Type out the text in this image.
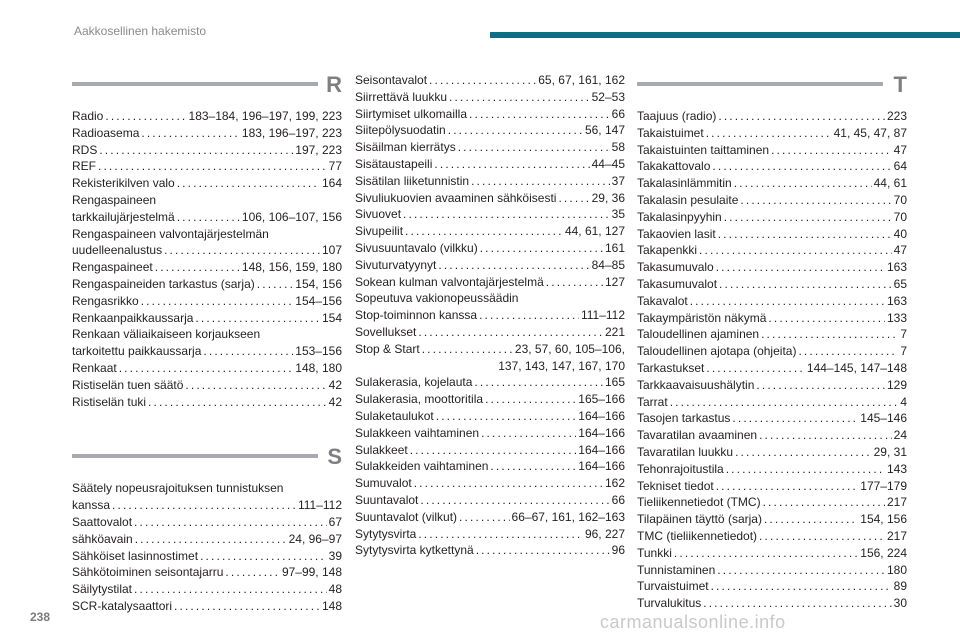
Aakkosellinen hakemisto
R
Radio . . .	183–184, 196–197, 199, 223
Radioasema . . .	183, 196–197, 223
RDS . . .	197, 223
REF . . .	77
Rekisterikilven valo . . .	164
Rengaspaineen
tarkkailujärjestelmä . . .	106, 106–107, 156
Rengaspaineen valvontajärjestelmän
uudelleenalustus . . .	107
Rengaspaineet . . .	148, 156, 159, 180
Rengaspaineiden tarkastus (sarja) . . .	154, 156
Rengasrikko . . .	154–156
Renkaanpaikkaussarja . . .	154
Renkaan väliaikaiseen korjaukseen
tarkoitettu paikkaussarja . . .	153–156
Renkaat . . .	148, 180
Ristiselän tuen säätö . . .	42
Ristiselän tuki . . .	42
S
Säätely nopeusrajoituksen tunnistuksen
kanssa . . .	111–112
Saattovalot . . .	67
sähköavain . . .	24, 96–97
Sähköiset lasinnostimet . . .	39
Sähkötoiminen seisontajarru . . .	97–99, 148
Säilytystilat . . .	48
SCR-katalysaattori . . .	148
Seisontavalot . . .	65, 67, 161, 162
Siirrettävä luukku . . .	52–53
Siirtymiset ulkomailla . . .	66
Siitepölysuodatin . . .	56, 147
Sisäilman kierrätys . . .	58
Sisätaustapeili . . .	44–45
Sisätilan liiketunnistin . . .	37
Sivuliukuovien avaaminen sähköisesti . . .	29, 36
Sivuovet . . .	35
Sivupeilit . . .	44, 61, 127
Sivusuuntavalo (vilkku) . . .	161
Sivuturvatyynyt . . .	84–85
Sokean kulman valvontajärjestelmä . . .	127
Sopeutuva vakionopeussäädin
Stop-toiminnon kanssa . . .	111–112
Sovellukset . . .	221
Stop & Start . . .	23, 57, 60, 105–106,
137, 143, 147, 167, 170
Sulakerasia, kojelauta . . .	165
Sulakerasia, moottoritila . . .	165–166
Sulaketaulukot . . .	164–166
Sulakkeen vaihtaminen . . .	164–166
Sulakkeet . . .	164–166
Sulakkeiden vaihtaminen . . .	164–166
Sumuvalot . . .	162
Suuntavalot . . .	66
Suuntavalot (vilkut) . . .	66–67, 161, 162–163
Sytytysvirta . . .	96, 227
Sytytysvirta kytkettynä . . .	96
T
Taajuus (radio) . . .	223
Takaistuimet . . .	41, 45, 47, 87
Takaistuinten taittaminen . . .	47
Takakattovalo . . .	64
Takalasinlämmitin . . .	44, 61
Takalasin pesulaite . . .	70
Takalasinpyyhin . . .	70
Takaovien lasit . . .	40
Takapenkki . . .	47
Takasumuvalo . . .	163
Takasumuvalot . . .	65
Takavalot . . .	163
Takaympäristön näkymä . . .	133
Taloudellinen ajaminen . . .	7
Taloudellinen ajotapa (ohjeita) . . .	7
Tarkastukset . . .	144–145, 147–148
Tarkkaavaisuushälytin . . .	129
Tarrat . . .	4
Tasojen tarkastus . . .	145–146
Tavaratilan avaaminen . . .	24
Tavaratilan luukku . . .	29, 31
Tehonrajoitustila . . .	143
Tekniset tiedot . . .	177–179
Tieliikennetiedot (TMC) . . .	217
Tilapäinen täyttö (sarja) . . .	154, 156
TMC (tieliikennetiedot) . . .	217
Tunkki . . .	156, 224
Tunnistaminen . . .	180
Turvaistuimet . . .	89
Turvalukitus . . .	30
238	carmanualsonline.info
